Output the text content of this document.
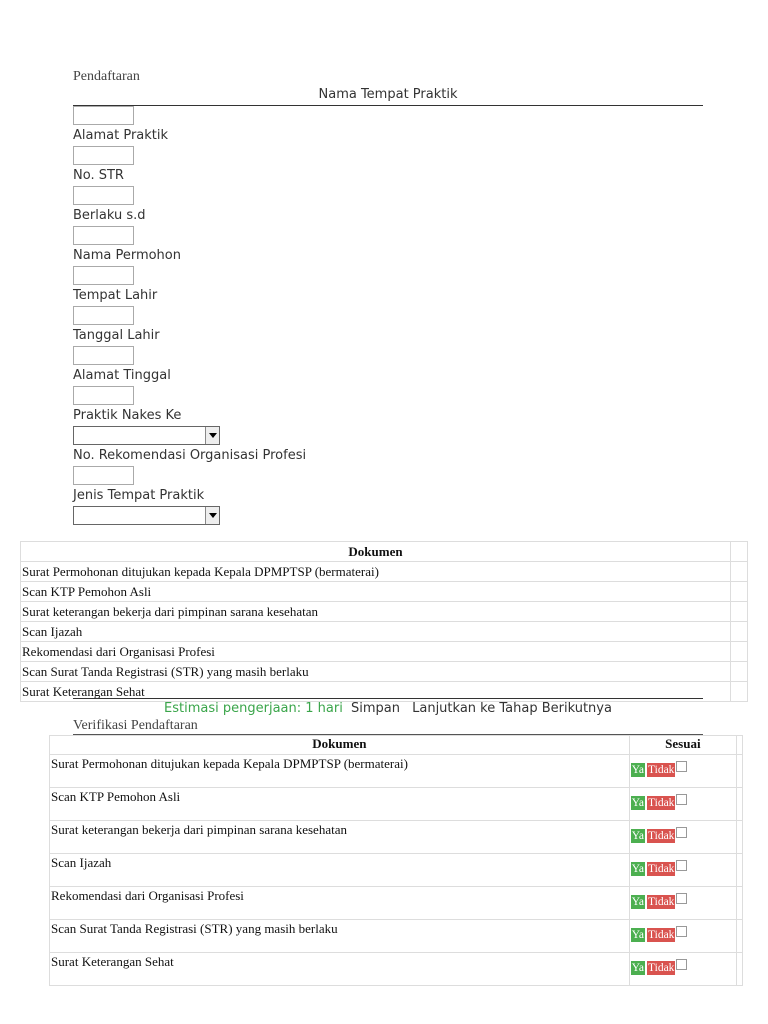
Pendaftaran
Nama Tempat Praktik
Alamat Praktik
No. STR
Berlaku s.d
Nama Permohon
Tempat Lahir
Tanggal Lahir
Alamat Tinggal
Praktik Nakes Ke
No. Rekomendasi Organisasi Profesi
Jenis Tempat Praktik
Dokumen	
Surat Permohonan ditujukan kepada Kepala DPMPTSP (bermaterai)	
Scan KTP Pemohon Asli	
Surat keterangan bekerja dari pimpinan sarana kesehatan	
Scan Ijazah	
Rekomendasi dari Organisasi Profesi	
Scan Surat Tanda Registrasi (STR) yang masih berlaku	
Surat Keterangan Sehat	
Estimasi pengerjaan: 1 hari Simpan Lanjutkan ke Tahap Berikutnya
Verifikasi Pendaftaran
Dokumen	Sesuai	
Surat Permohonan ditujukan kepada Kepala DPMPTSP (bermaterai)	Ya Tidak	
Scan KTP Pemohon Asli	Ya Tidak	
Surat keterangan bekerja dari pimpinan sarana kesehatan	Ya Tidak	
Scan Ijazah	Ya Tidak	
Rekomendasi dari Organisasi Profesi	Ya Tidak	
Scan Surat Tanda Registrasi (STR) yang masih berlaku	Ya Tidak	
Surat Keterangan Sehat	Ya Tidak	
